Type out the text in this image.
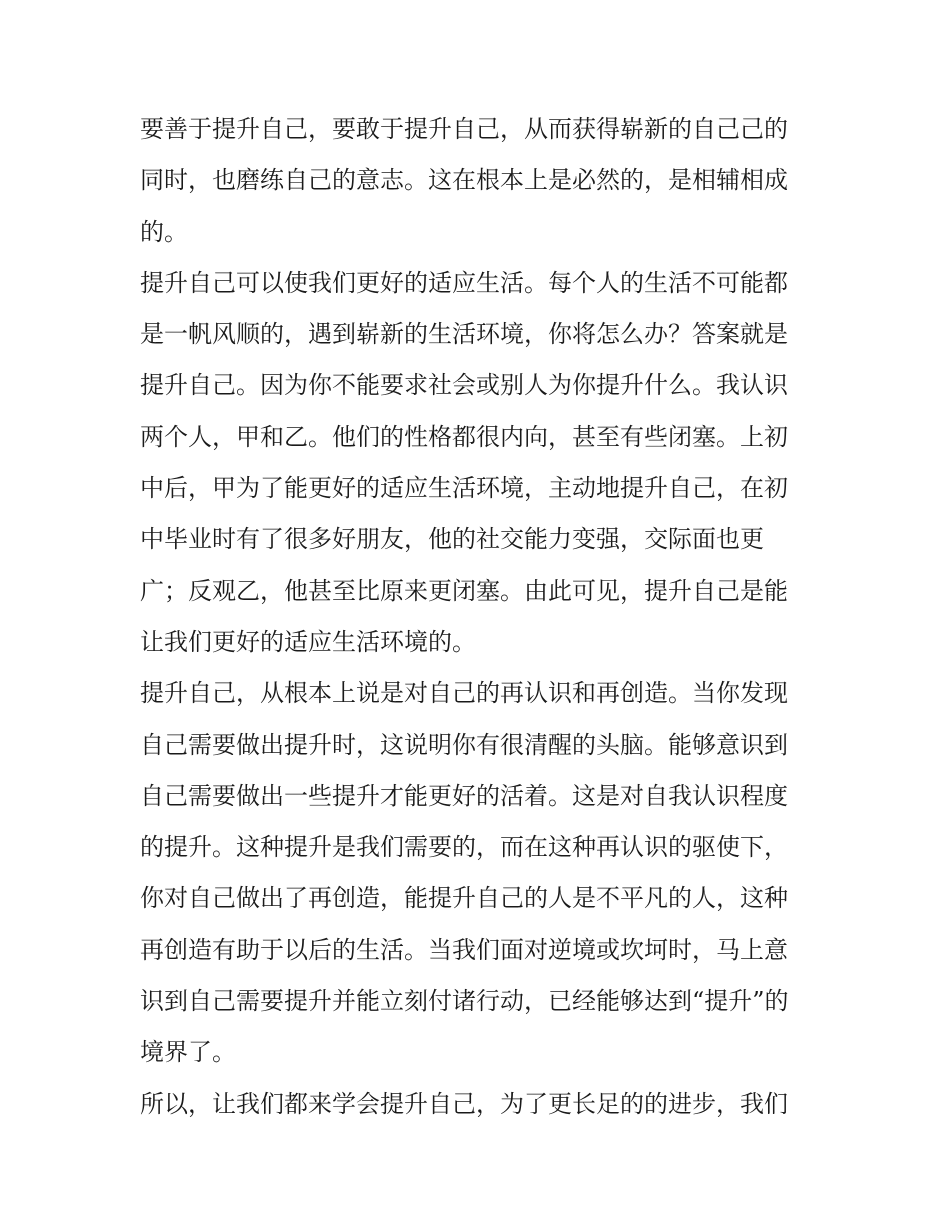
要善于提升自己，要敢于提升自己，从而获得崭新的自己己的

同时，也磨练自己的意志。这在根本上是必然的，是相辅相成

的。

提升自己可以使我们更好的适应生活。每个人的生活不可能都

是一帆风顺的，遇到崭新的生活环境，你将怎么办？答案就是

提升自己。因为你不能要求社会或别人为你提升什么。我认识

两个人，甲和乙。他们的性格都很内向，甚至有些闭塞。上初

中后，甲为了能更好的适应生活环境，主动地提升自己，在初

中毕业时有了很多好朋友，他的社交能力变强，交际面也更

广；反观乙，他甚至比原来更闭塞。由此可见，提升自己是能

让我们更好的适应生活环境的。

提升自己，从根本上说是对自己的再认识和再创造。当你发现

自己需要做出提升时，这说明你有很清醒的头脑。能够意识到

自己需要做出一些提升才能更好的活着。这是对自我认识程度

的提升。这种提升是我们需要的，而在这种再认识的驱使下，

你对自己做出了再创造，能提升自己的人是不平凡的人，这种

再创造有助于以后的生活。当我们面对逆境或坎坷时，马上意

识到自己需要提升并能立刻付诸行动，已经能够达到“提升”的

境界了。

所以，让我们都来学会提升自己，为了更长足的的进步，我们
